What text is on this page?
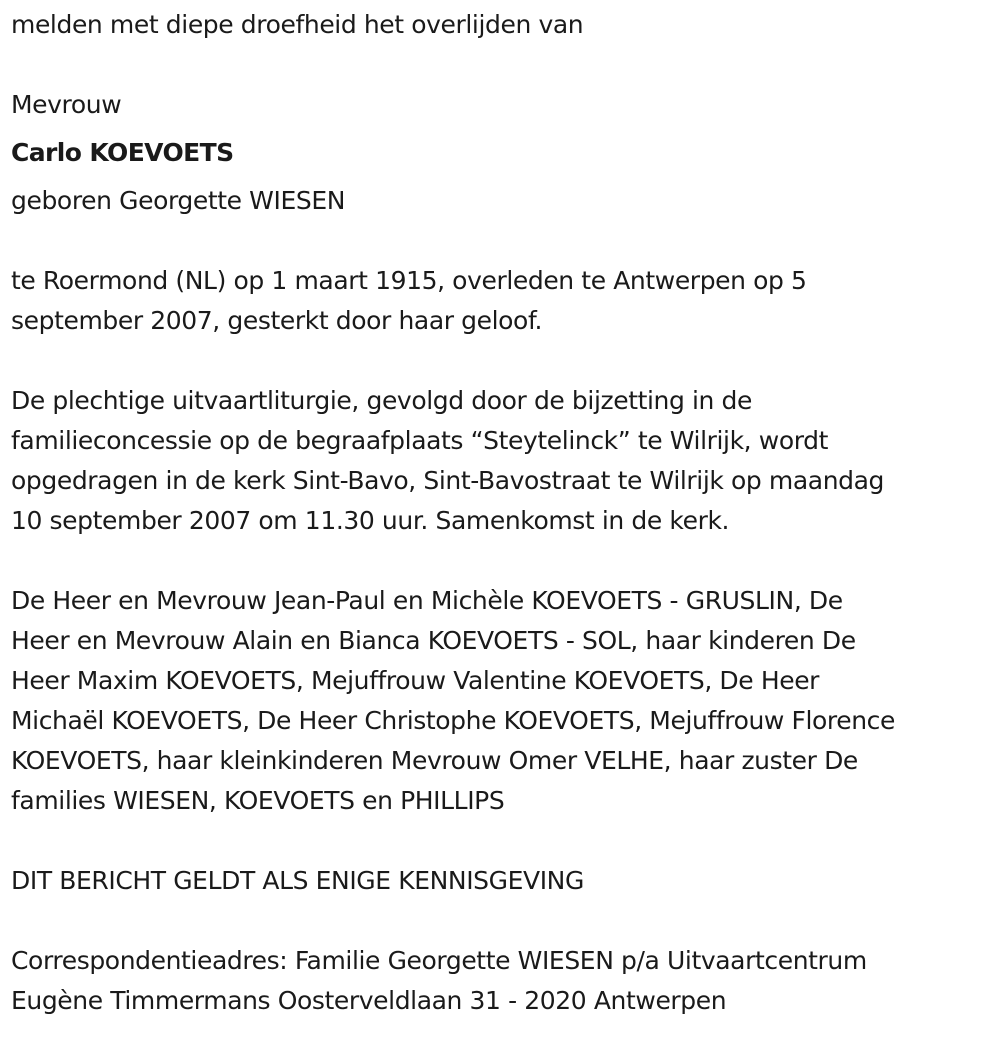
melden met diepe droefheid het overlijden van
Mevrouw
Carlo KOEVOETS
geboren Georgette WIESEN
te Roermond (NL) op 1 maart 1915, overleden te Antwerpen op 5
september 2007, gesterkt door haar geloof.
De plechtige uitvaartliturgie, gevolgd door de bijzetting in de
familieconcessie op de begraafplaats “Steytelinck” te Wilrijk, wordt
opgedragen in de kerk Sint-Bavo, Sint-Bavostraat te Wilrijk op maandag
10 september 2007 om 11.30 uur. Samenkomst in de kerk.
De Heer en Mevrouw Jean-Paul en Michèle KOEVOETS - GRUSLIN, De
Heer en Mevrouw Alain en Bianca KOEVOETS - SOL, haar kinderen De
Heer Maxim KOEVOETS, Mejuffrouw Valentine KOEVOETS, De Heer
Michaël KOEVOETS, De Heer Christophe KOEVOETS, Mejuffrouw Florence
KOEVOETS, haar kleinkinderen Mevrouw Omer VELHE, haar zuster De
families WIESEN, KOEVOETS en PHILLIPS
DIT BERICHT GELDT ALS ENIGE KENNISGEVING
Correspondentieadres: Familie Georgette WIESEN p/a Uitvaartcentrum
Eugène Timmermans Oosterveldlaan 31 - 2020 Antwerpen
